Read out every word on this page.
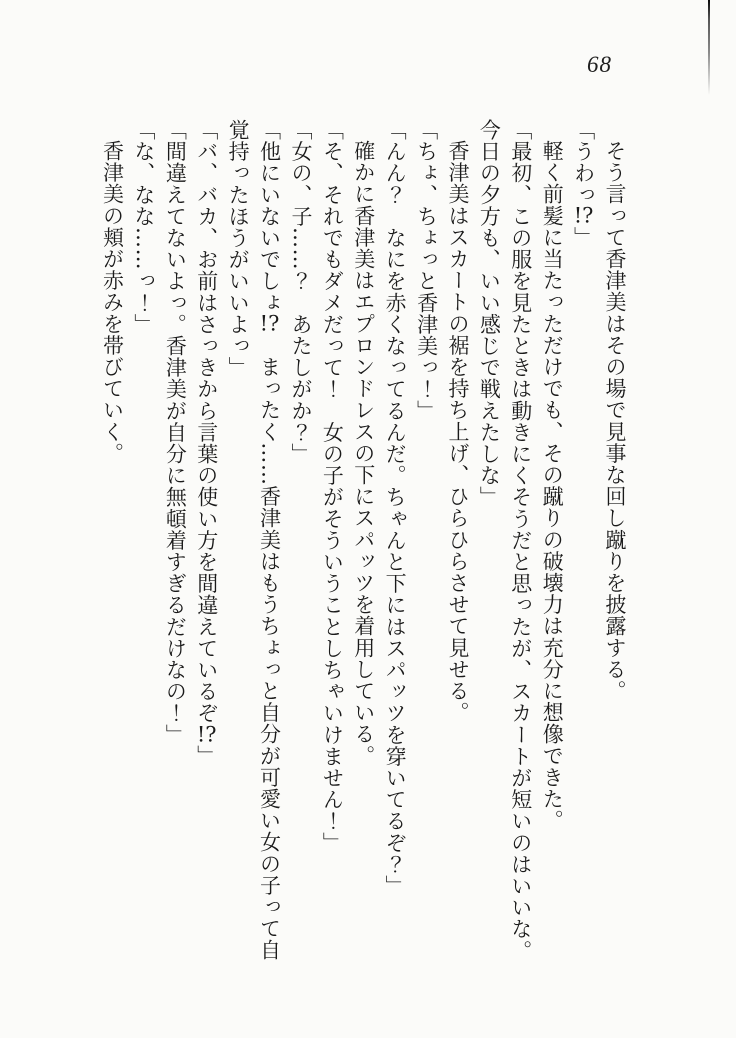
68

そう言って香津美はその場で見事な回し蹴りを披露する。

「うわっ!?」

軽く前髪に当たっただけでも、その蹴りの破壊力は充分に想像できた。

「最初、この服を見たときは動きにくそうだと思ったが、スカートが短いのはいいな。今日の夕方も、いい感じで戦えたしな」

香津美はスカートの裾を持ち上げ、ひらひらさせて見せる。

「ちょ、ちょっと香津美っ！」

「んん？　なにを赤くなってるんだ。ちゃんと下にはスパッツを穿いてるぞ？」

確かに香津美はエプロンドレスの下にスパッツを着用している。

「そ、それでもダメだって！　女の子がそういうことしちゃいけません！」

「女の、子……？　あたしがか？」

「他にいないでしょ!?　まったく……香津美はもうちょっと自分が可愛い女の子って自覚持ったほうがいいよっ」

「バ、バカ、お前はさっきから言葉の使い方を間違えているぞ!?」

「間違えてないよっ。香津美が自分に無頓着すぎるだけなの！」

「な、なな……っ！」

香津美の頬が赤みを帯びていく。
